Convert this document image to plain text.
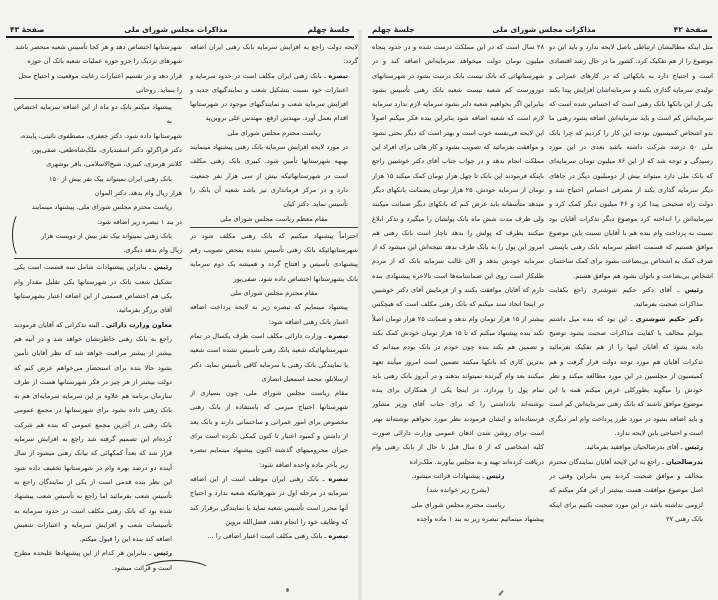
جلسهٔ چهلم
مذاکرات مجلس شورای ملی
صفحهٔ ۴۳	صفحهٔ ۴۲
مذاکرات مجلس شورای ملی
جلسهٔ چهلم

مثل اینکه مطالبشان ارتباطی باصل لایحه ندارد و باید این دو موضوع را از هم تفکیک کرد. کشور ما در حال رشد اقتصادی است و احتیاج دارد به بانکهائی که در کارهای عمرانی و تولیدی سرمایه گذاری بکنند و سرمایه‌اشان افزایش پیدا بکند یکی از این بانکها بانک رهنی است که احساس شده است که سرمایه‌اش کم است و باید سرمایه‌اش اضافه بشود رهنی ما بدو اشخاص کمیسیون بودجه این کار را کردیم که چرا بانک ملی ۵۰ درصد شرکت داشته باشد بعدی در این مورد رسیدگی و توجه شد که از این ۸۶ میلیون تومان سرمایه‌ای که بانک ملی دارد میتواند بیش از دومیلیون دیگر در جاهای دیگر سرمایه گذاری بکند از مصرفی احساس احتیاج شد و دولت راه صحیحی پیدا کرد و ۴۶ میلیون دیگر کمک کرد و سرمایه‌اش را انداخته کرد موضوع دیگر تذکرات آقایان بود نسبت به پرداخت وام بنده هم با آقایان نسبت باین موضوع موافق هستیم که قسمت اعظم سرمایه بانک رهنی بایستی صرف کمک به اشخاص بی‌بضاعت بشود برای کمک ساختمان اشخاص بی‌بضاعت و ناتوان بشود هم موافق هستم.

رئیس ـ آقای دکتر حکیم شوشتری راجع بکفایت مذاکرات صحبت بفرمائید.

دکتر حکیم شوشتری ـ این بود که بنده میل داشتم بتوانم مخالف با کفایت مذاکرات صحبت بشود توضیح داده بشود که آقایان اینها را از هم تفکیک بفرمائید تذکرات آقایان هم مورد توجه دولت قرار گرفت و هم کمیسیون از مجلسین در این مورد مطالعه میکند و نظر خودش را میگوید بطورکلی عرض میکنم همه با این موضوع موافق باشند که بانک رهنی سرمایه‌اش کم است و باید اضافه بشود در مورد طرز پرداخت وام امر دیگری است و احتیاجی باین لایحه ندارد.

رئیس ـ آقای بدرصالحیان موافقید بفرمائید.

بدرصالحیان ـ راجع به این لایحه آقایان نمایندگان محترم مخالف و موافق صحبت کردند پس بنابراین وقتی در اصل موضوع موافقت هست بیشتر از این فکر میکنم که لزومی نداشته باشد در این مورد صحبت بکنیم برای اینکه بانک رهنی ۲۷

۲۸ سال است که در این مملکت درست شده و در حدود پنجاه میلیون تومان دولت میخواهد سرمایه‌اش اضافه کند و در شهرستانهائی که بانک نیست بانک درست بشود در شهرستانهای دورورست کم شعبه نیست شعبه بانک رهنی تأسیس بشود بنابراین اگر بخواهیم شعبه دایر بشود سرمایه لازم ندارد سرمایه لازم است که شعبه اضافه شود بنابراین بنده فکر میکنم اصولاً این لایحه فی‌نفسه خوب است و بهتر است که دیگر بحثی نشود و موافقت بفرمائید که تصویب بشود و کار هائی برای افراد این مملکت انجام بدهد و در جواب جناب آقای دکتر خوشبین راجع باینکه فرمودند این بانک تا چهل هزار تومان کمک میکند ۱۵ هزار تومان از سرمایه خودش، ۲۵ هزار تومان بضمانت بانکهای دیگر میدهد متأسفانه باید عرض کنم که بانکهای دیگر ضمانت میکنند ولی ظرف مدت شش ماه بانک پولشان را میگیرد و تذکر ابلاغ میکنند بطرف که پولش را بدهد ناچار است بانک رهنی هم امروز این پول را به بانک طرف بدهد نتیجه‌اش این میشود که از سرمایه خودش بدهد و الان غالب سرمایه بانک که از مردم طلبکار است روی این ضمانتنامه‌ها است بالاخره پیشنهادی بنده دارم که آقایان موافقت بکنند و از فرمایش آقای دکتر خوشبین در اینجا اتخاذ سند میکنم که بانک رهنی مکلف است که هیچکس بیشتر از ۱۵ هزار تومان وام ندهد و ضمانت ۲۵ هزار تومان اصلاً نکند بنده پیشنهاد میکنم که تا ۱۵ هزار تومان خودش کمک بکند و تضمین هم بکند بنده چون خودم در بانک بودم میدانم که بدترین کاری که بانکها میکنند تضمین است امروز میآیند تعهد میکنند بعد وام گیرنده نمیتواند بدهند و در آنروز بانک رهنی باید تمام پول را بپردازد. در اینجا یکی از همکاران برای بنده نوشته‌اند یادداشتی را که برای جناب آقای وزیر مشاور فرستاده‌اند و ایشان فرمودند نظر مورد نخواهم نوشته‌اند بهتر است برای روشن شدن اذهان عمومی وزارت دارائی صورت کلیه اشخاصی که از ۵ سال قبل تا حال از بانک رهنی وام دریافت کرده‌اند تهیه و به مجلس بیاورند. ملک‌زاده

رئیس ـ پیشنهادات قرائت میشود.

(بشرح زیر خوانده شد)

ریاست محترم مجلس شورای ملی

پیشنهاد مینمائیم تبصره زیر به بند ۱ ماده واحده

لایحه دولت راجع به افزایش سرمایه بانک رهنی ایران اضافه گردد:

تبصره ـ بانک رهنی ایران مکلف است در حدود سرمایه و اعتبارات خود نسبت بتشکیل شعب و نمایندگیهای جدید و افزایش سرمایه شعب و نمایندگیهای موجود در شهرستانها اقدام بعمل آورد. مهندس ارفع، مهندس علی بروین‌پد

ریاست محترم مجلس شورای ملی

در مورد لایحه افزایش سرمایه بانک رهنی پیشنهاد مینمایند بهبهه شهرستانها تأمین شود. کبیری بانک رهنی مکلف است در شهرستانهائیکه بیش از سی هزار نفر جمعیت دارد و در مرکز فرمانداری نیز باشد شعبه آن بانک را تأسیس نماید. دکتر کیان

مقام معظم ریاست مجلس شورای ملی

احتراماً پیشنهاد میکنیم که بانک رهنی مکلف شود در شهرستانهائیکه بانک رهنی تأسیس نشده بمحض تصویب رقم پیشنهادی تأسیس و افتتاح گردد و همیشه یک دوم سرمایه بانک بشهرستانها اختصاص داده شود. صفی‌پور

مقام محترم مجلس شورای ملی

پیشنهاد مینمایم که تبصره زیر به لایحه پرداخت اضافه اعتبار بانک رهنی اضافه شود:

تبصره ـ وزارت دارائی مکلف است ظرف یکسال در تمام شهرستانهائیکه شعبه بانک رهنی تأسیس نشده است شعبه یا نمایندگی بانک رهنی با سرمایه کافی تأسیس نماید. دکتر ارسلانلو، محمد اسمعیل انصاری

مقام ریاست مجلس شورای ملی، چون بسیاری از شهرستانها احتیاج مبرمی که باستفاده از بانک رهنی مخصوص برای امور عمرانی و ساختمانی دارند و بانک بعد از داشتن و کمبود اعتبار تا کنون کمکی نکرده است برای جبران محرومیتهای گذشته اکنون پیشنهاد مینمایم تبصره زیر بآخر ماده واحده اضافه شود:

تبصره ـ بانک رهنی ایران موظف است از این اضافه سرمایه در مرحله اول در شهرهائیکه شعبه ندارد و احتیاج آنها محرز است تأسیس شعبه نماید یا نمایندگی برقرار کند که وظایف خود را انجام دهند. فضل‌الله بروین

تبصره ـ بانک رهنی مکلف است اعتبار اضافی را ...

شهرستانها اختصاص دهد و هر کجا تأسیس شعبه منحصر باشد

شهرهای نزدیک را جزو حوزه عملیات شعبه بانک آن حوزه

قرار دهد و در تقسیم اعتبارات رعایت موقعیت و احتیاج محل

را بنماید. روحانی

پیشنهاد میکنم بانک دو ماه از این اضافه سرمایه اختصاص به

شهرستانها داده شود. دکتر جعفری، مصطفوی نائینی، پاینده،

دکتر قراگزلو، دکتر اسفندیاری، ملک‌شاه‌طغی، صفی‌پور،

کلانتر هرمزی، کبیری، شیخ‌الاسلامی، باقر بوشهری

بانک رهنی ایران نمیتواند بیک نفر بیش از ۱۵۰

هزار ریال وام بدهد. دکتر الموان

ریاست محترم مجلس شورای ملی. پیشنهاد مینمایند

در بند ۱ تبصره زیر اضافه شود:

بانک رهنی نمیتواند بیک نفر بیش از دویست هزار

ریال وام بدهد دیگری.

رئیس ـ بنابراین پیشنهادات شامل سه قسمت است یکی تشکیل شعب بانک در شهرستانها یکی تقلیل مقدار وام یکی هم اختصاص قسمتی از این اضافه اعتبار بشهرستانها آقای برزگر بفرمائید.

معاون وزارت دارائی ـ البته تذکراتی که آقایان فرمودند راجع به بانک رهنی خاطرنشان خواهد شد و در آتیه هم بیشتر از بیشتر مراقبت خواهد شد که نظر آقایان تأمین بشود حالا بنده برای استحضار می‌خواهم عرض کنم که دولت بیشتر از هر چیز در فکر شهرستانها هست از طرف سازمان برنامه هم علاوه بر این سرمایه سرمایه‌ای هم به بانک رهنی داده بشود برای شهرستانها در مجمع عمومی بانک رهنی در آخرین مجمع عمومی که بنده هم شرکت کرده‌ام این تصمیم گرفته شد راجع به افزایش سرمایه قرار شد که بعداً کمکهائی که بیانک رهنی میشود از سال آینده دو درصد بهره وام در شهرستانها تخفیف داده شود این نظر بنده قدمی است از یکی از نمایندگان راجع به تأسیس شعب بفرمائید اما راجع به تأسیس شعب پیشنهاد شده بود که بانک رهنی مکلف است در حدود سرمایه به تأسیسات شعب و افزایش سرمایه و اعتبارات شعبش اضافه کند بنده این را قبول میکنم.

رئیس ـ بنابراین هر کدام از این پیشنهادها علیحده مطرح است و قرائت میشود.
